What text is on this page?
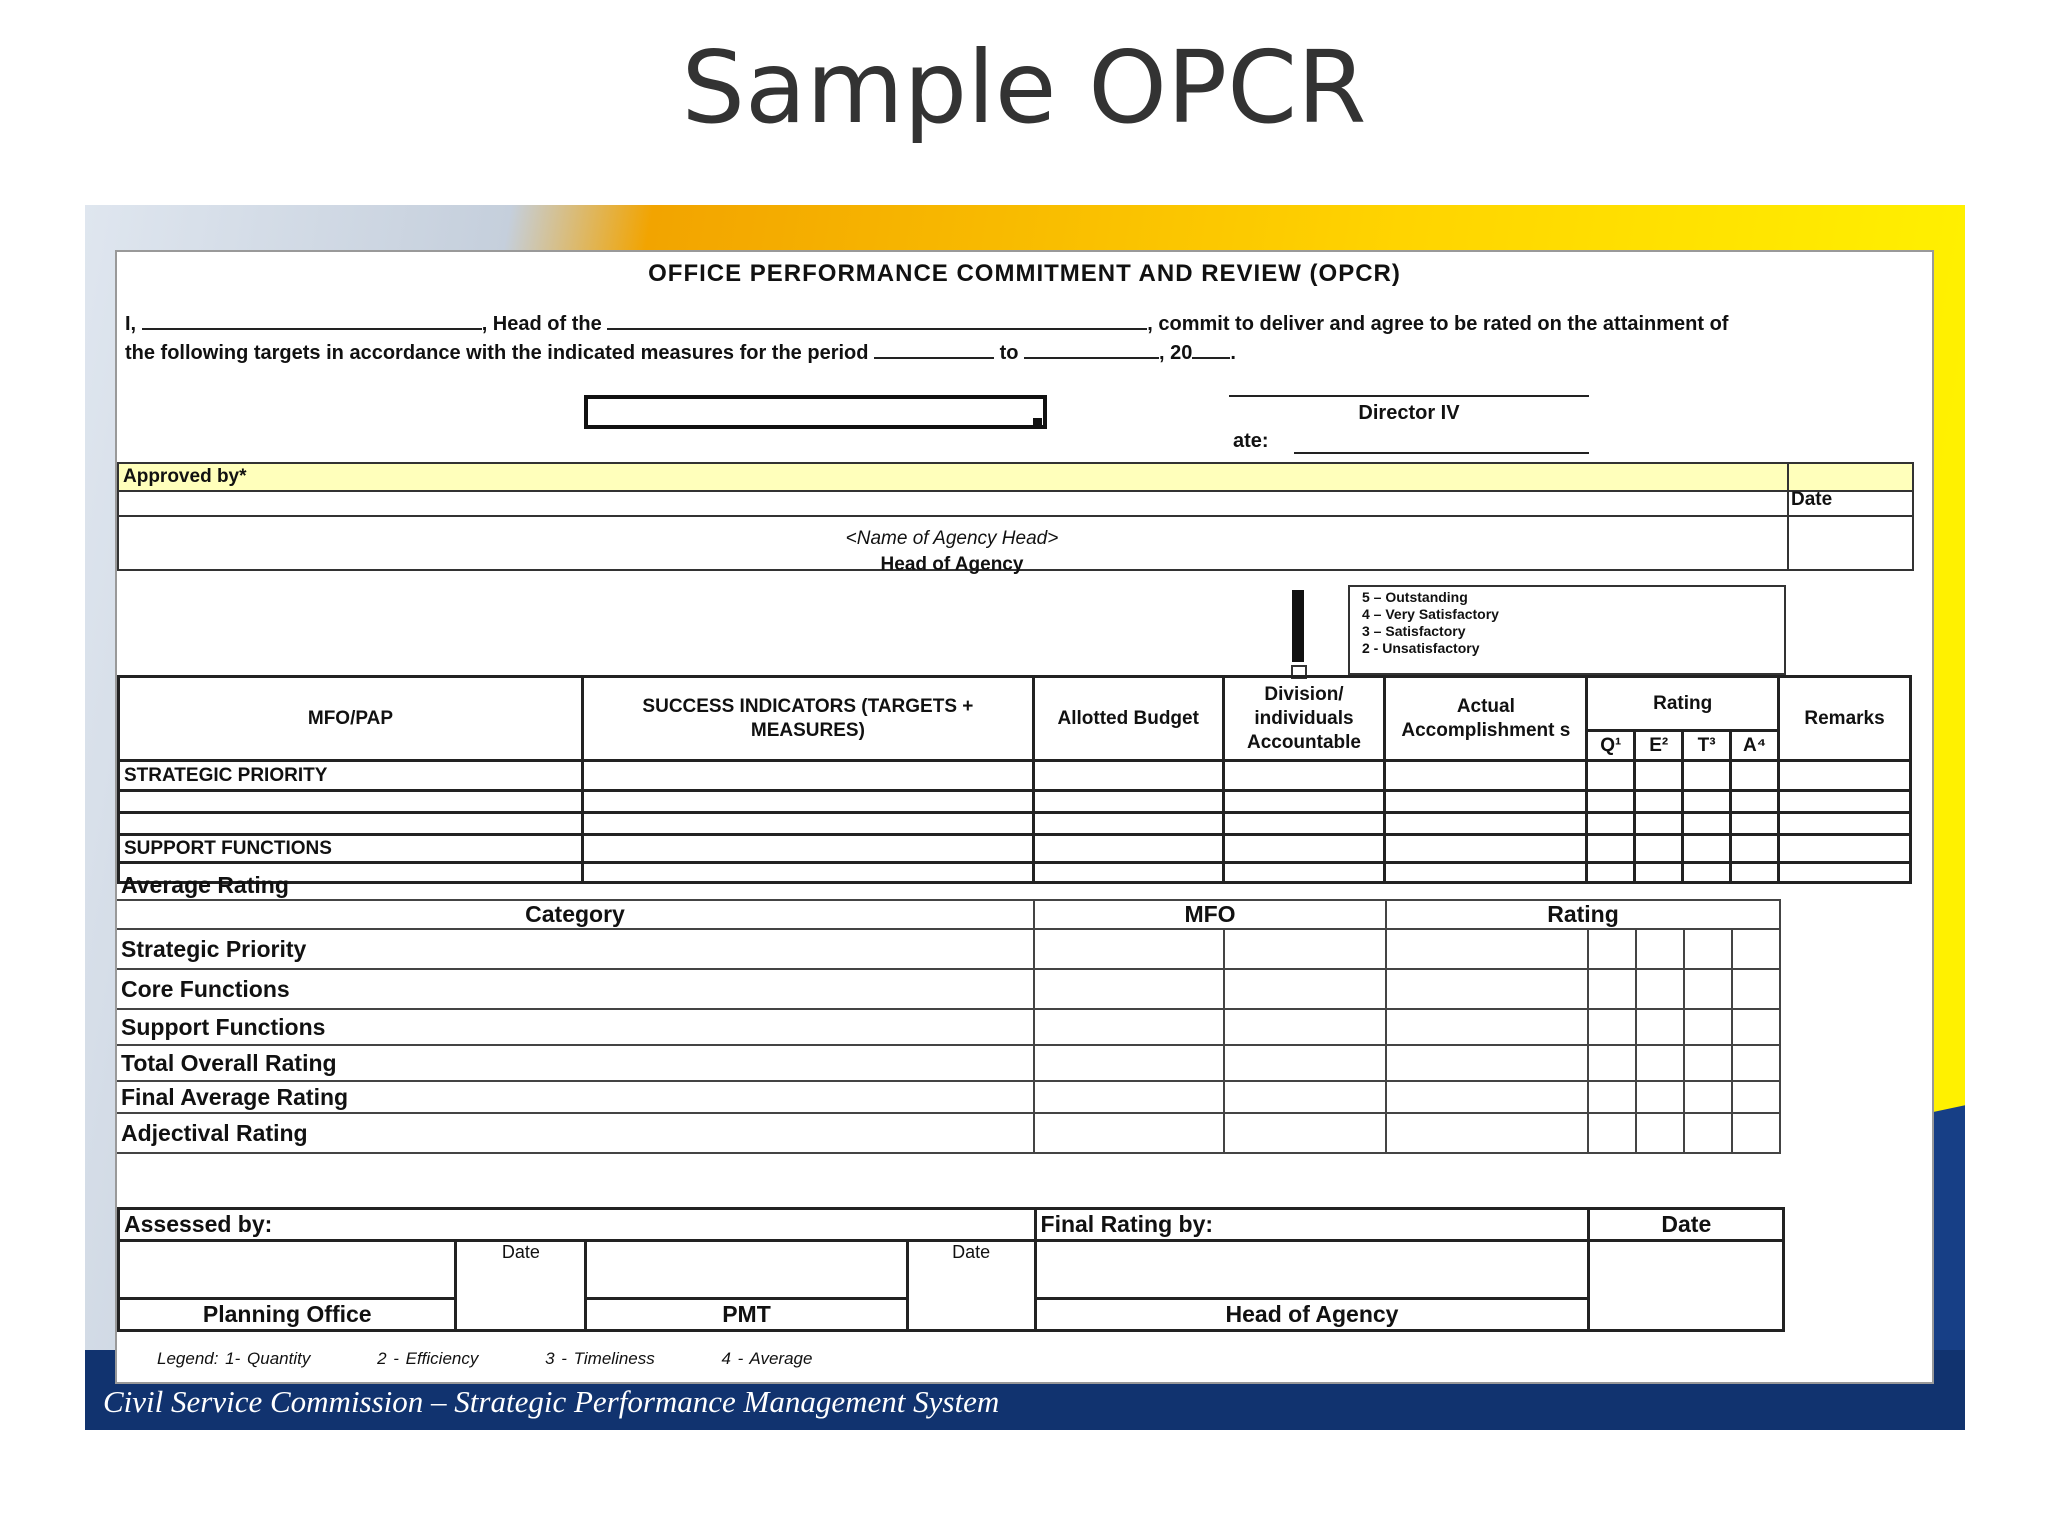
Sample OPCR
Civil Service Commission – Strategic Performance Management System
OFFICE PERFORMANCE COMMITMENT AND REVIEW (OPCR)
I,	, Head of the	, commit to deliver and agree to be rated on the attainment of
the following targets in accordance with the indicated measures for the period	to	, 20 .
Director IV
ate:
Approved by*
Date
<Name of Agency Head>
Head of Agency
5 – Outstanding
4 – Very Satisfactory
3 – Satisfactory
2 - Unsatisfactory
MFO/PAP	SUCCESS INDICATORS (TARGETS + MEASURES)	Allotted Budget	Division/ individuals Accountable	Actual Accomplishment s	Rating				Remarks
					Q¹	E²	T³	A⁴	
STRATEGIC PRIORITY									

SUPPORT FUNCTIONS									

Average Rating								
Category	MFO		Rating					
Strategic Priority								
Core Functions								
Support Functions								
Total Overall Rating								
Final Average Rating								
Adjectival Rating								
Assessed by:				Final Rating by:	Date	
	Date		Date			
Planning Office		PMT		Head of Agency		
Legend: 1- Quantity	2 - Efficiency	3 - Timeliness	4 - Average
